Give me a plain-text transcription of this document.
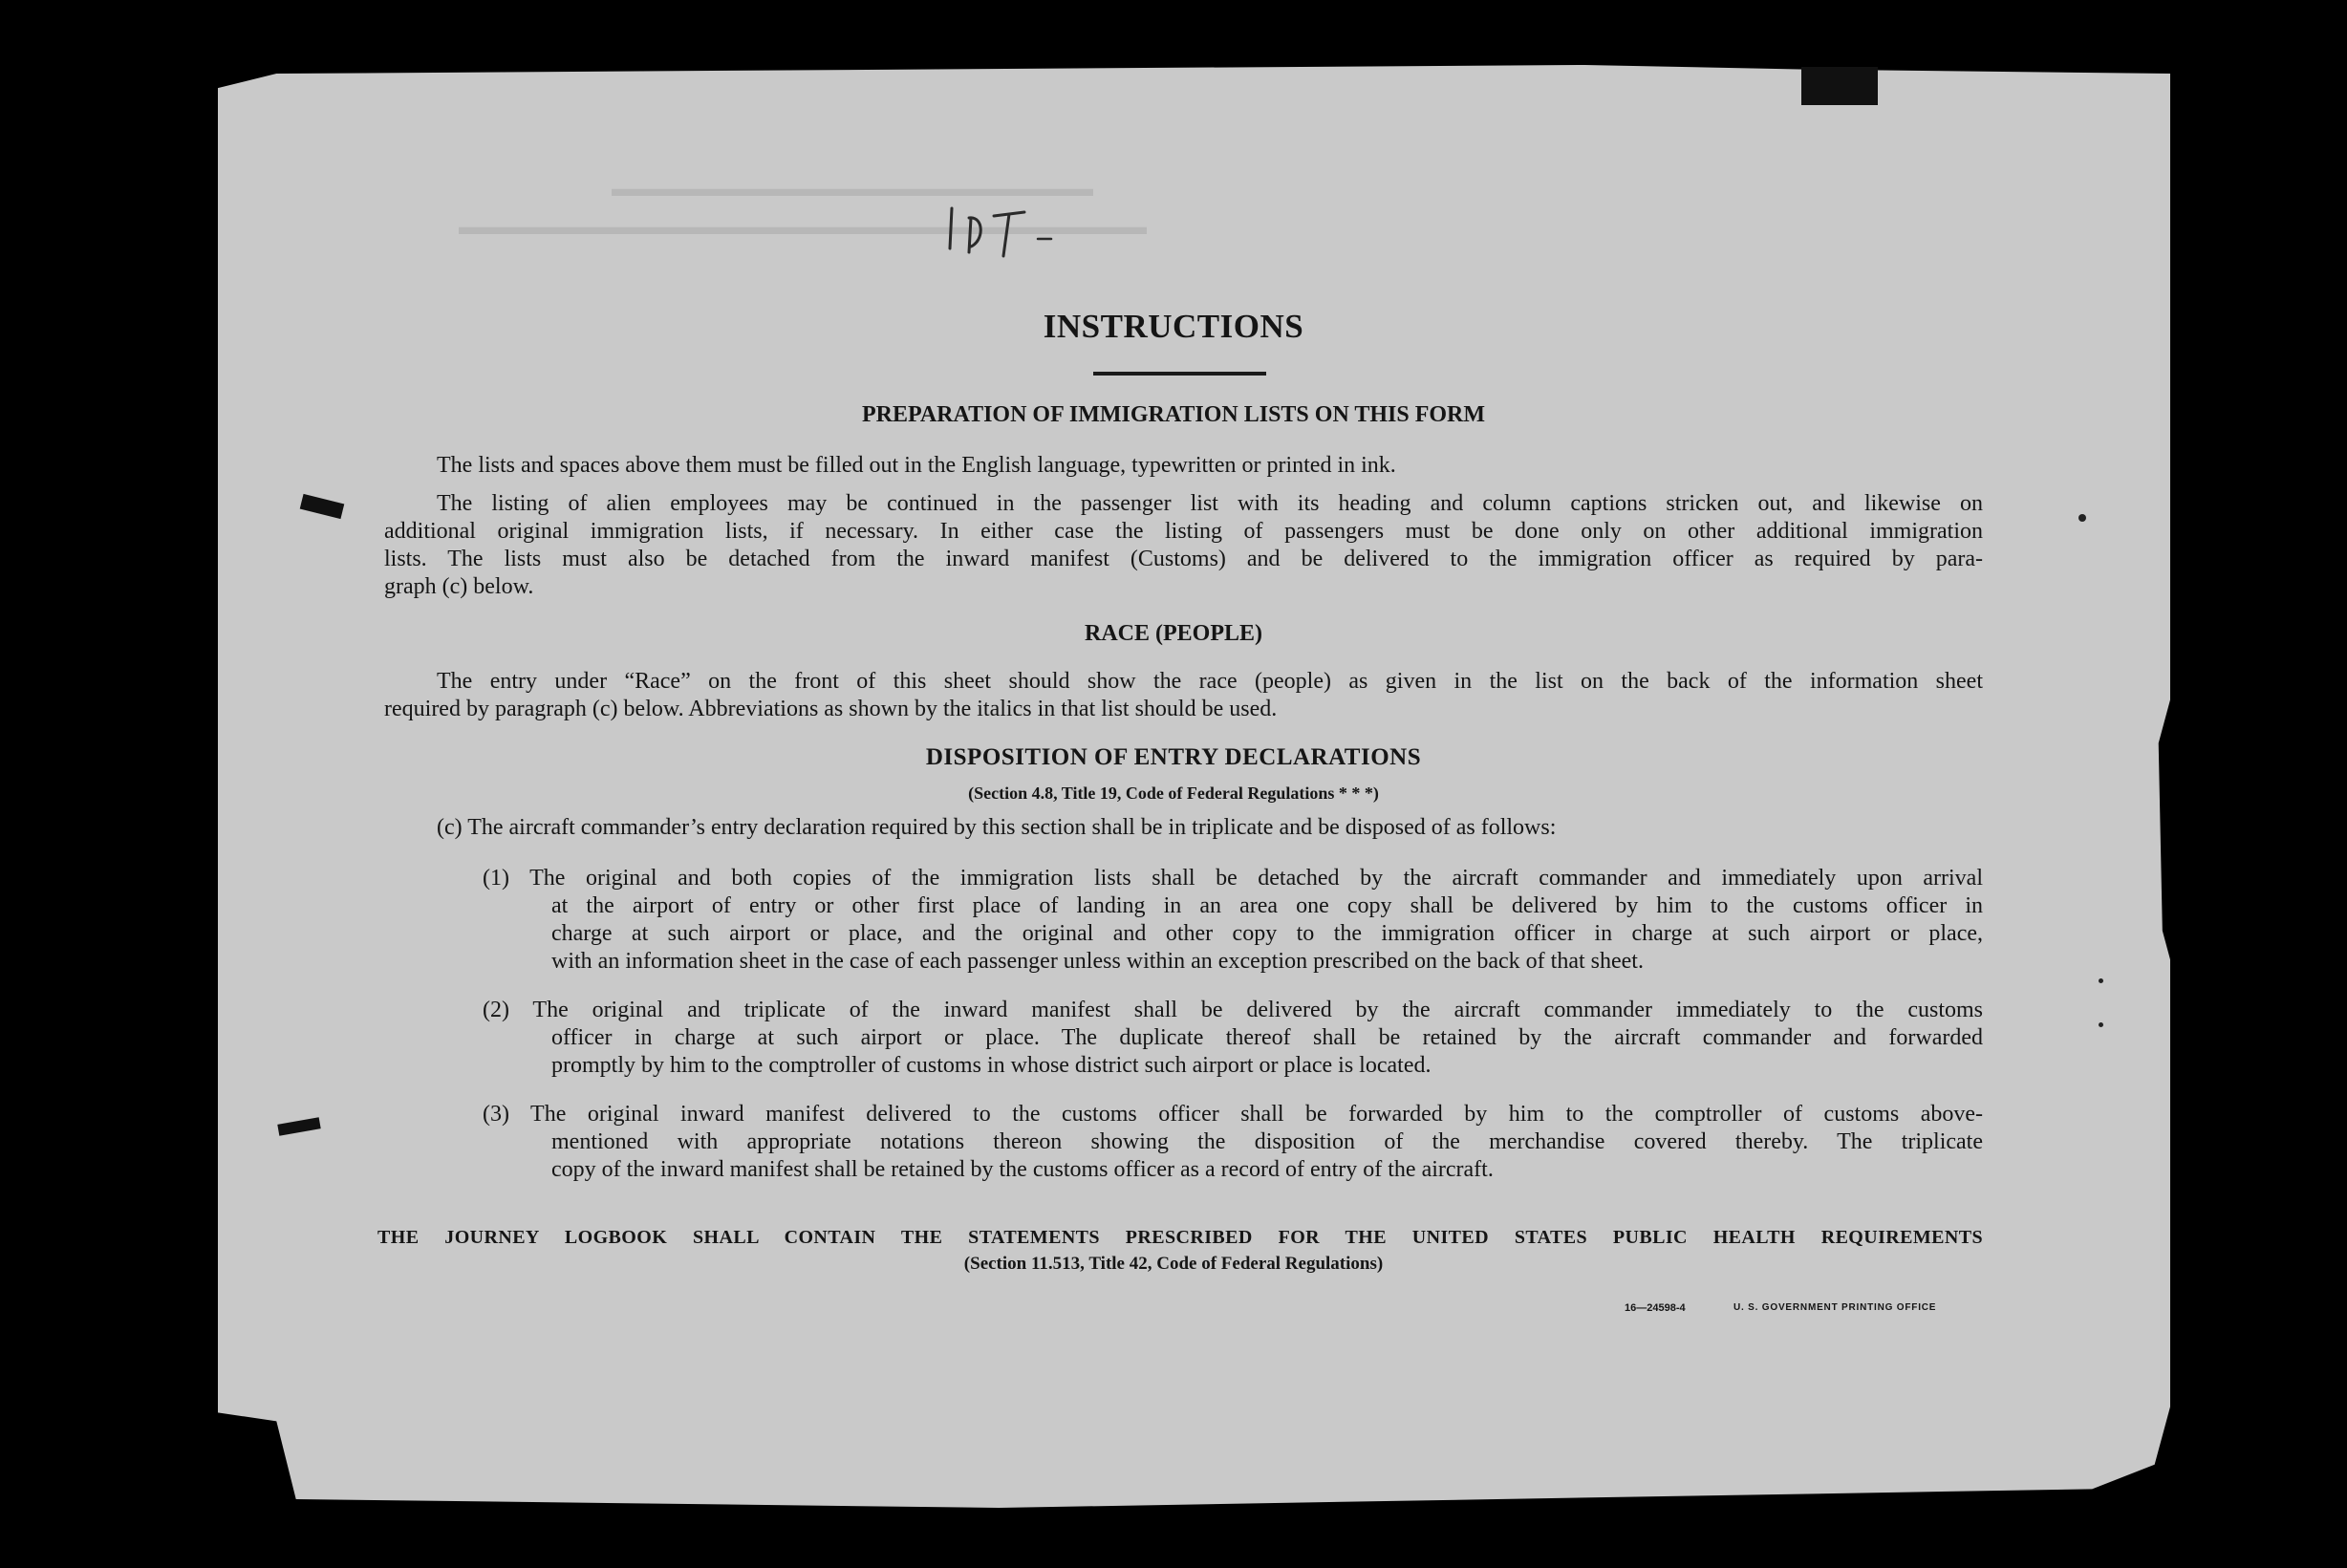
▬▬▬▬▬▬▬▬▬▬▬▬▬▬▬▬▬▬▬▬▬
▬▬▬▬▬▬▬▬▬▬▬▬▬▬▬▬▬▬▬▬▬▬▬▬▬▬▬▬▬▬
INSTRUCTIONS
PREPARATION OF IMMIGRATION LISTS ON THIS FORM
The lists and spaces above them must be filled out in the English language, typewritten or printed in ink.
The listing of alien employees may be continued in the passenger list with its heading and column captions stricken out, and likewise on
additional original immigration lists, if necessary. In either case the listing of passengers must be done only on other additional immigration
lists. The lists must also be detached from the inward manifest (Customs) and be delivered to the immigration officer as required by para-
graph (c) below.
RACE (PEOPLE)
The entry under “Race” on the front of this sheet should show the race (people) as given in the list on the back of the information sheet
required by paragraph (c) below. Abbreviations as shown by the italics in that list should be used.
DISPOSITION OF ENTRY DECLARATIONS
(Section 4.8, Title 19, Code of Federal Regulations * * *)
(c) The aircraft commander’s entry declaration required by this section shall be in triplicate and be disposed of as follows:
(1) The original and both copies of the immigration lists shall be detached by the aircraft commander and immediately upon arrival
at the airport of entry or other first place of landing in an area one copy shall be delivered by him to the customs officer in
charge at such airport or place, and the original and other copy to the immigration officer in charge at such airport or place,
with an information sheet in the case of each passenger unless within an exception prescribed on the back of that sheet.
(2) The original and triplicate of the inward manifest shall be delivered by the aircraft commander immediately to the customs
officer in charge at such airport or place. The duplicate thereof shall be retained by the aircraft commander and forwarded
promptly by him to the comptroller of customs in whose district such airport or place is located.
(3) The original inward manifest delivered to the customs officer shall be forwarded by him to the comptroller of customs above-
mentioned with appropriate notations thereon showing the disposition of the merchandise covered thereby. The triplicate
copy of the inward manifest shall be retained by the customs officer as a record of entry of the aircraft.
THE JOURNEY LOGBOOK SHALL CONTAIN THE STATEMENTS PRESCRIBED FOR THE UNITED STATES PUBLIC HEALTH REQUIREMENTS
(Section 11.513, Title 42, Code of Federal Regulations)
16—24598-4	U. S. GOVERNMENT PRINTING OFFICE
